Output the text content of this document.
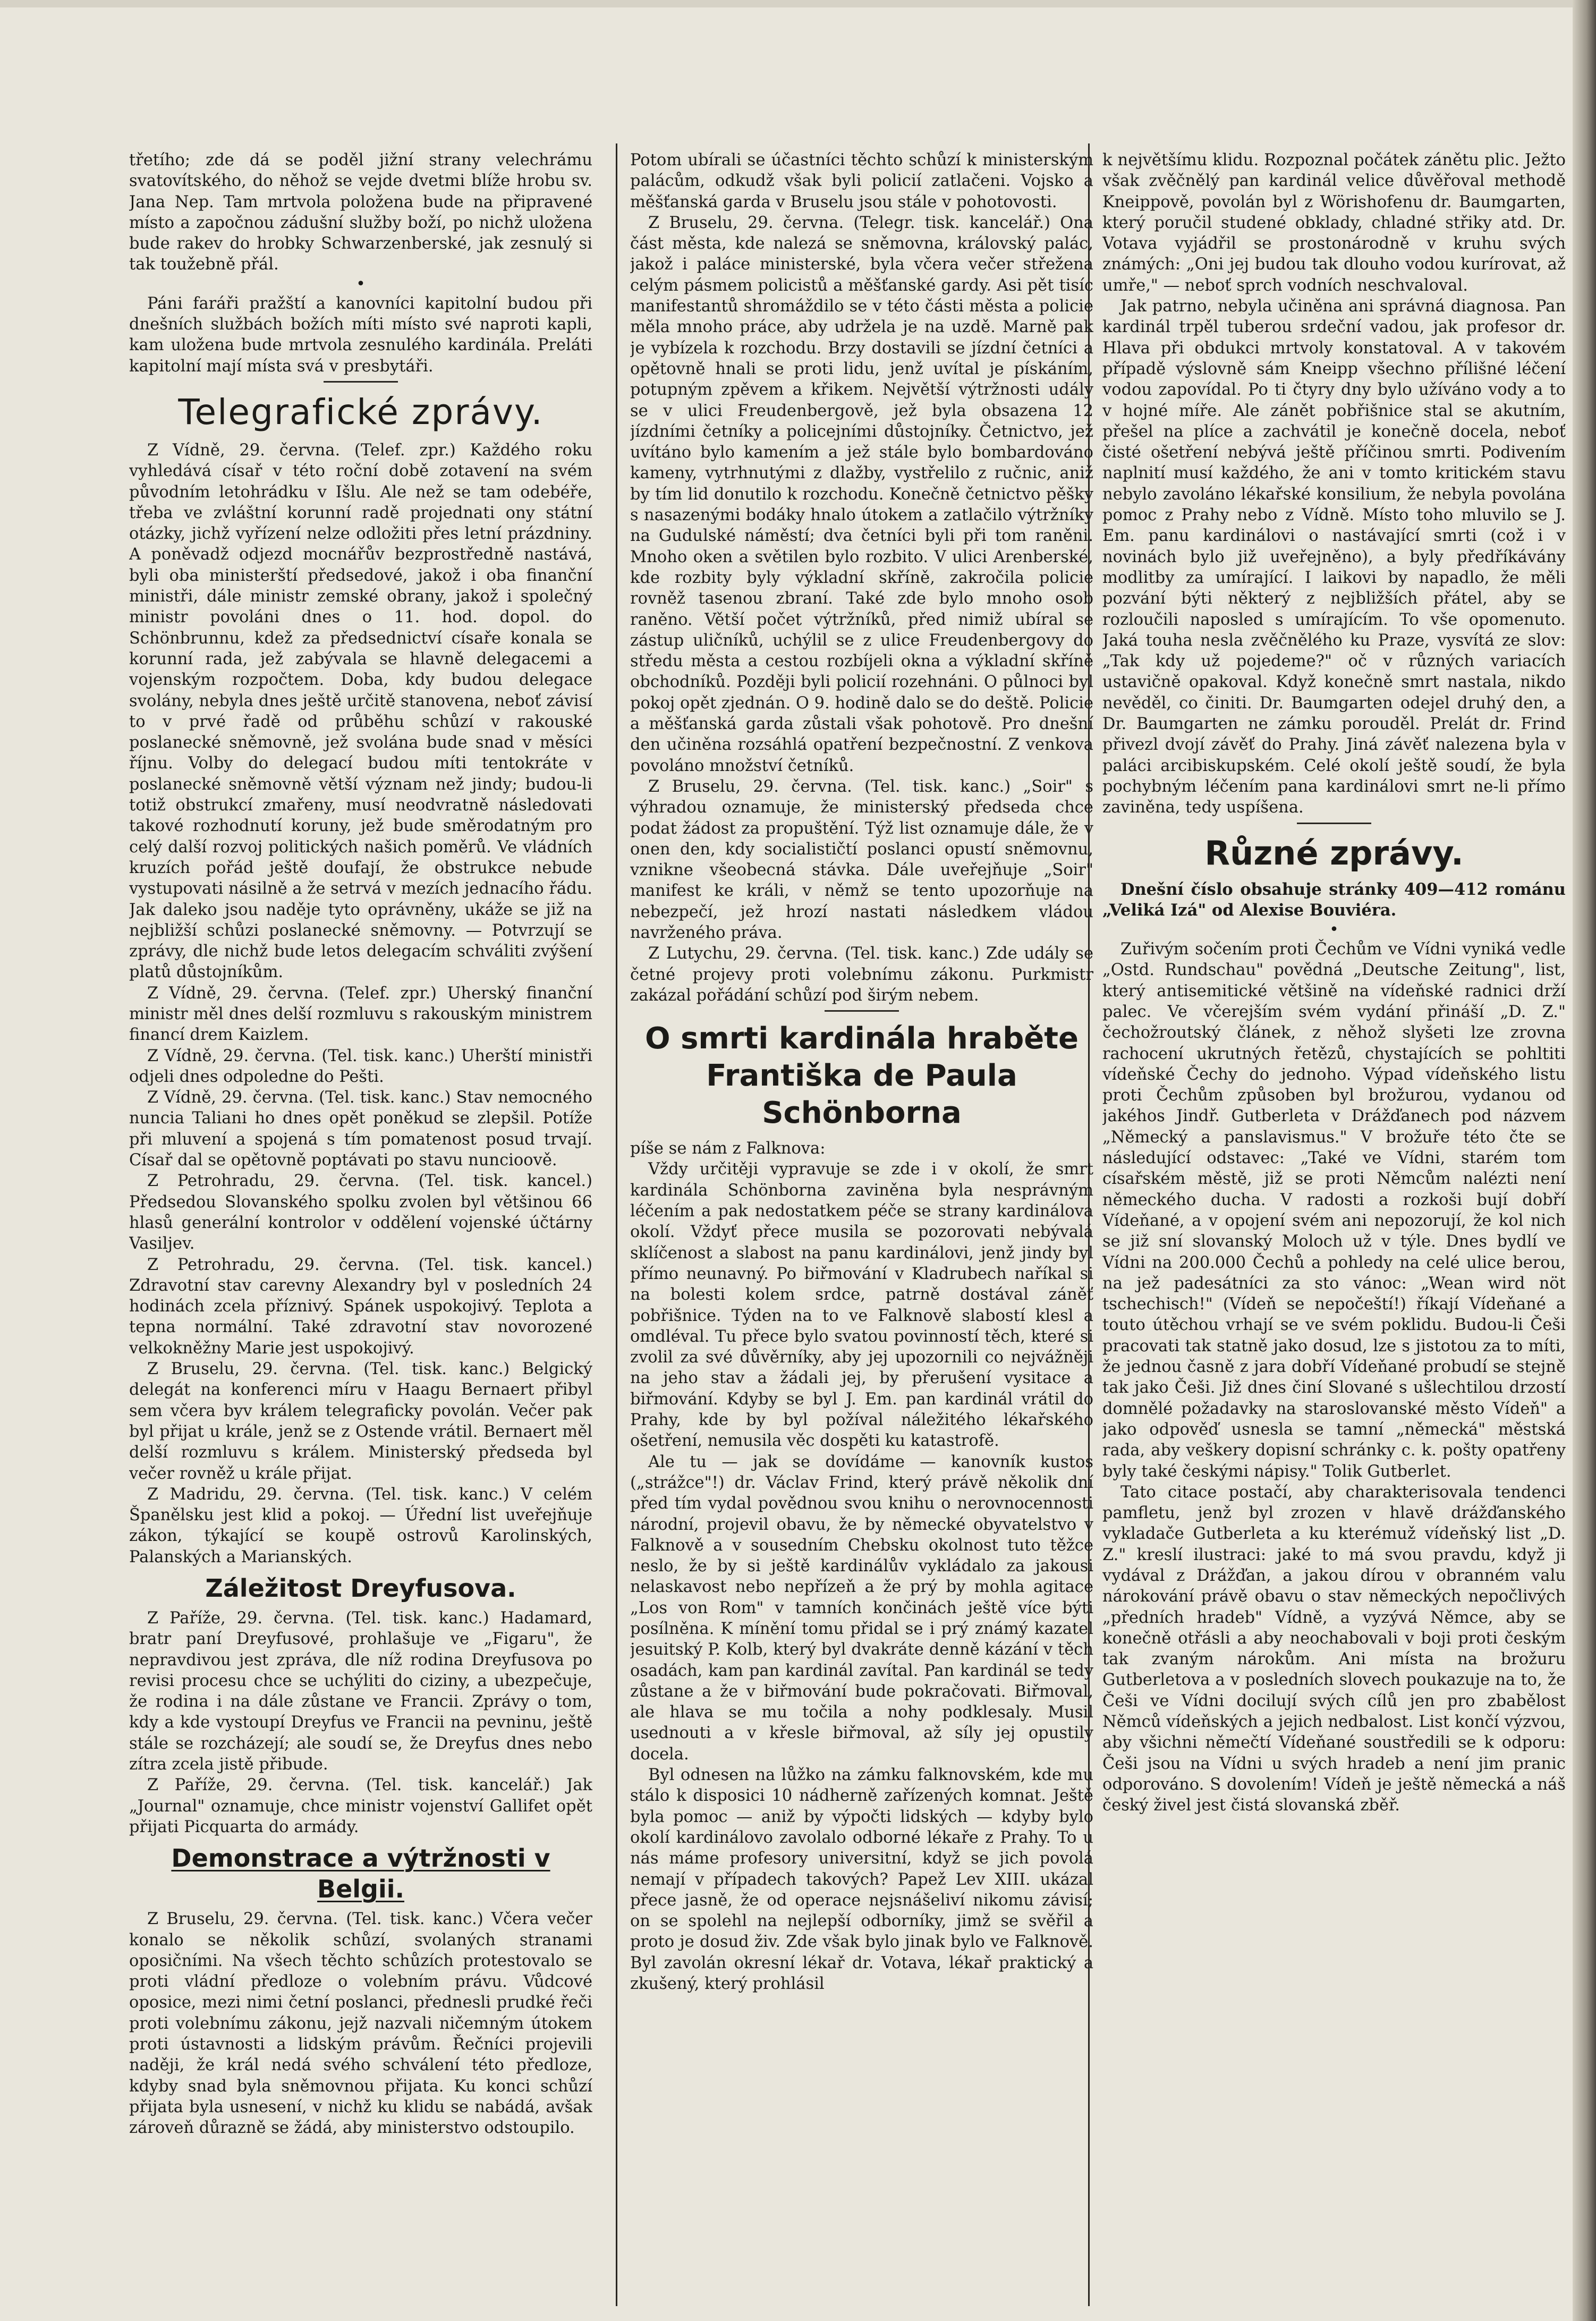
třetího; zde dá se poděl jižní strany velechrámu svatovítského, do něhož se vejde dvetmi blíže hrobu sv. Jana Nep. Tam mrtvola položena bude na připravené místo a započnou zádušní služby boží, po nichž uložena bude rakev do hrobky Schwarzenberské, jak zesnulý si tak toužebně přál.

•

Páni faráři pražští a kanovníci kapitolní budou při dnešních službách božích míti místo své naproti kapli, kam uložena bude mrtvola zesnulého kardinála. Preláti kapitolní mají místa svá v presbytáři.

Telegrafické zprávy.

Z Vídně, 29. června. (Telef. zpr.) Každého roku vyhledává císař v této roční době zotavení na svém původním letohrádku v Išlu. Ale než se tam odebéře, třeba ve zvláštní korunní radě projednati ony státní otázky, jichž vyřízení nelze odložiti přes letní prázdniny. A poněvadž odjezd mocnářův bezprostředně nastává, byli oba ministerští předsedové, jakož i oba finanční ministři, dále ministr zemské obrany, jakož i společný ministr povoláni dnes o 11. hod. dopol. do Schönbrunnu, kdež za předsednictví císaře konala se korunní rada, jež zabývala se hlavně delegacemi a vojenským rozpočtem. Doba, kdy budou delegace svolány, nebyla dnes ještě určitě stanovena, neboť závisí to v prvé řadě od průběhu schůzí v rakouské poslanecké sněmovně, jež svolána bude snad v měsíci říjnu. Volby do delegací budou míti tentokráte v poslanecké sněmovně větší význam než jindy; budou-li totiž obstrukcí zmařeny, musí neodvratně následovati takové rozhodnutí koruny, jež bude směrodatným pro celý další rozvoj politických našich poměrů. Ve vládních kruzích pořád ještě doufají, že obstrukce nebude vystupovati násilně a že setrvá v mezích jednacího řádu. Jak daleko jsou naděje tyto oprávněny, ukáže se již na nejbližší schůzi poslanecké sněmovny. — Potvrzují se zprávy, dle nichž bude letos delegacím schváliti zvýšení platů důstojníkům.

Z Vídně, 29. června. (Telef. zpr.) Uherský finanční ministr měl dnes delší rozmluvu s rakouským ministrem financí drem Kaizlem.

Z Vídně, 29. června. (Tel. tisk. kanc.) Uherští ministři odjeli dnes odpoledne do Pešti.

Z Vídně, 29. června. (Tel. tisk. kanc.) Stav nemocného nuncia Taliani ho dnes opět poněkud se zlepšil. Potíže při mluvení a spojená s tím pomatenost posud trvají. Císař dal se opětovně poptávati po stavu nuncioově.

Z Petrohradu, 29. června. (Tel. tisk. kancel.) Předsedou Slovanského spolku zvolen byl většinou 66 hlasů generální kontrolor v oddělení vojenské účtárny Vasiljev.

Z Petrohradu, 29. června. (Tel. tisk. kancel.) Zdravotní stav carevny Alexandry byl v posledních 24 hodinách zcela příznivý. Spánek uspokojivý. Teplota a tepna normální. Také zdravotní stav novorozené velkokněžny Marie jest uspokojivý.

Z Bruselu, 29. června. (Tel. tisk. kanc.) Belgický delegát na konferenci míru v Haagu Bernaert přibyl sem včera byv králem telegraficky povolán. Večer pak byl přijat u krále, jenž se z Ostende vrátil. Bernaert měl delší rozmluvu s králem. Ministerský předseda byl večer rovněž u krále přijat.

Z Madridu, 29. června. (Tel. tisk. kanc.) V celém Španělsku jest klid a pokoj. — Úřední list uveřejňuje zákon, týkající se koupě ostrovů Karolinských, Palanských a Marianských.

Záležitost Dreyfusova.

Z Paříže, 29. června. (Tel. tisk. kanc.) Hadamard, bratr paní Dreyfusové, prohlašuje ve „Figaru", že nepravdivou jest zpráva, dle níž rodina Dreyfusova po revisi procesu chce se uchýliti do ciziny, a ubezpečuje, že rodina i na dále zůstane ve Francii. Zprávy o tom, kdy a kde vystoupí Dreyfus ve Francii na pevninu, ještě stále se rozcházejí; ale soudí se, že Dreyfus dnes nebo zítra zcela jistě přibude.

Z Paříže, 29. června. (Tel. tisk. kancelář.) Jak „Journal" oznamuje, chce ministr vojenství Gallifet opět přijati Picquarta do armády.

Demonstrace a výtržnosti v Belgii.

Z Bruselu, 29. června. (Tel. tisk. kanc.) Včera večer konalo se několik schůzí, svolaných stranami oposičními. Na všech těchto schůzích protestovalo se proti vládní předloze o volebním právu. Vůdcové oposice, mezi nimi četní poslanci, přednesli prudké řeči proti volebnímu zákonu, jejž nazvali ničemným útokem proti ústavnosti a lidským právům. Řečníci projevili naději, že král nedá svého schválení této předloze, kdyby snad byla sněmovnou přijata. Ku konci schůzí přijata byla usnesení, v nichž ku klidu se nabádá, avšak zároveň důrazně se žádá, aby ministerstvo odstoupilo.

Potom ubírali se účastníci těchto schůzí k ministerským palácům, odkudž však byli policií zatlačeni. Vojsko a měšťanská garda v Bruselu jsou stále v pohotovosti.

Z Bruselu, 29. června. (Telegr. tisk. kancelář.) Ona část města, kde nalezá se sněmovna, královský palác, jakož i paláce ministerské, byla včera večer střežena celým pásmem policistů a měšťanské gardy. Asi pět tisíc manifestantů shromáždilo se v této části města a policie měla mnoho práce, aby udržela je na uzdě. Marně pak je vybízela k rozchodu. Brzy dostavili se jízdní četníci a opětovně hnali se proti lidu, jenž uvítal je pískáním, potupným zpěvem a křikem. Největší výtržnosti udály se v ulici Freudenbergově, jež byla obsazena 12 jízdními četníky a policejními důstojníky. Četnictvo, jež uvítáno bylo kamením a jež stále bylo bombardováno kameny, vytrhnutými z dlažby, vystřelilo z ručnic, aniž by tím lid donutilo k rozchodu. Konečně četnictvo pěšky s nasazenými bodáky hnalo útokem a zatlačilo výtržníky na Gudulské náměstí; dva četníci byli při tom raněni. Mnoho oken a světilen bylo rozbito. V ulici Arenberské, kde rozbity byly výkladní skříně, zakročila policie rovněž tasenou zbraní. Také zde bylo mnoho osob raněno. Větší počet výtržníků, před nimiž ubíral se zástup uličníků, uchýlil se z ulice Freudenbergovy do středu města a cestou rozbíjeli okna a výkladní skříně obchodníků. Později byli policií rozehnáni. O půlnoci byl pokoj opět zjednán. O 9. hodině dalo se do deště. Policie a měšťanská garda zůstali však pohotově. Pro dnešní den učiněna rozsáhlá opatření bezpečnostní. Z venkova povoláno množství četníků.

Z Bruselu, 29. června. (Tel. tisk. kanc.) „Soir" s výhradou oznamuje, že ministerský předseda chce podat žádost za propuštění. Týž list oznamuje dále, že v onen den, kdy socialističtí poslanci opustí sněmovnu, vznikne všeobecná stávka. Dále uveřejňuje „Soir" manifest ke králi, v němž se tento upozorňuje na nebezpečí, jež hrozí nastati následkem vládou navrženého práva.

Z Lutychu, 29. června. (Tel. tisk. kanc.) Zde udály se četné projevy proti volebnímu zákonu. Purkmistr zakázal pořádání schůzí pod širým nebem.

O smrti kardinála hraběte Františka de Paula Schönborna

píše se nám z Falknova:

Vždy určitěji vypravuje se zde i v okolí, že smrt kardinála Schönborna zaviněna byla nesprávným léčením a pak nedostatkem péče se strany kardinálova okolí. Vždyť přece musila se pozorovati nebývalá sklíčenost a slabost na panu kardinálovi, jenž jindy byl přímo neunavný. Po biřmování v Kladrubech naříkal si na bolesti kolem srdce, patrně dostával záněť pobřišnice. Týden na to ve Falknově slabostí klesl a omdléval. Tu přece bylo svatou povinností těch, které si zvolil za své důvěrníky, aby jej upozornili co nejvážněji na jeho stav a žádali jej, by přerušení vysitace a biřmování. Kdyby se byl J. Em. pan kardinál vrátil do Prahy, kde by byl požíval náležitého lékařského ošetření, nemusila věc dospěti ku katastrofě.

Ale tu — jak se dovídáme — kanovník kustos („strážce"!) dr. Václav Frind, který právě několik dní před tím vydal povědnou svou knihu o nerovnocennosti národní, projevil obavu, že by německé obyvatelstvo v Falknově a v sousedním Chebsku okolnost tuto těžce neslo, že by si ještě kardinálův vykládalo za jakousi nelaskavost nebo nepřízeň a že prý by mohla agitace „Los von Rom" v tamních končinách ještě více býti posílněna. K mínění tomu přidal se i prý známý kazatel jesuitský P. Kolb, který byl dvakráte denně kázání v těch osadách, kam pan kardinál zavítal. Pan kardinál se tedy zůstane a že v biřmování bude pokračovati. Biřmoval, ale hlava se mu točila a nohy podklesaly. Musil usednouti a v křesle biřmoval, až síly jej opustily docela.

Byl odnesen na lůžko na zámku falknovském, kde mu stálo k disposici 10 nádherně zařízených komnat. Ještě byla pomoc — aniž by výpočti lidských — kdyby bylo okolí kardinálovo zavolalo odborné lékaře z Prahy. To u nás máme profesory universitní, když se jich povolá nemají v případech takových? Papež Lev XIII. ukázal přece jasně, že od operace nejsnášeliví nikomu závisí; on se spolehl na nejlepší odborníky, jimž se svěřil a proto je dosud živ. Zde však bylo jinak bylo ve Falknově. Byl zavolán okresní lékař dr. Votava, lékař praktický a zkušený, který prohlásil

k největšímu klidu. Rozpoznal počátek zánětu plic. Ježto však zvěčnělý pan kardinál velice důvěřoval methodě Kneippově, povolán byl z Wörishofenu dr. Baumgarten, který poručil studené obklady, chladné střiky atd. Dr. Votava vyjádřil se prostonárodně v kruhu svých známých: „Oni jej budou tak dlouho vodou kurírovat, až umře," — neboť sprch vodních neschvaloval.

Jak patrno, nebyla učiněna ani správná diagnosa. Pan kardinál trpěl tuberou srdeční vadou, jak profesor dr. Hlava při obdukci mrtvoly konstatoval. A v takovém případě výslovně sám Kneipp všechno přílišné léčení vodou zapovídal. Po ti čtyry dny bylo užíváno vody a to v hojné míře. Ale zánět pobřišnice stal se akutním, přešel na plíce a zachvátil je konečně docela, neboť čisté ošetření nebývá ještě příčinou smrti. Podivením naplnití musí každého, že ani v tomto kritickém stavu nebylo zavoláno lékařské konsilium, že nebyla povolána pomoc z Prahy nebo z Vídně. Místo toho mluvilo se J. Em. panu kardinálovi o nastávající smrti (což i v novinách bylo již uveřejněno), a byly předříkávány modlitby za umírající. I laikovi by napadlo, že měli pozvání býti některý z nejbližších přátel, aby se rozloučili naposled s umírajícím. To vše opomenuto. Jaká touha nesla zvěčnělého ku Praze, vysvítá ze slov: „Tak kdy už pojedeme?" oč v různých variacích ustavičně opakoval. Když konečně smrt nastala, nikdo nevěděl, co činiti. Dr. Baumgarten odejel druhý den, a Dr. Baumgarten ne zámku porouděl. Prelát dr. Frind přivezl dvojí závěť do Prahy. Jiná závěť nalezena byla v paláci arcibiskupském. Celé okolí ještě soudí, že byla pochybným léčením pana kardinálovi smrt ne-li přímo zaviněna, tedy uspíšena.

Různé zprávy.

Dnešní číslo obsahuje stránky 409—412 románu „Veliká Izá" od Alexise Bouviéra.

•

Zuřivým sočením proti Čechům ve Vídni vyniká vedle „Ostd. Rundschau" povědná „Deutsche Zeitung", list, který antisemitické většině na vídeňské radnici drží palec. Ve včerejším svém vydání přináší „D. Z." čechožroutský článek, z něhož slyšeti lze zrovna rachocení ukrutných řetězů, chystajících se pohltiti vídeňské Čechy do jednoho. Výpad vídeňského listu proti Čechům způsoben byl brožurou, vydanou od jakéhos Jindř. Gutberleta v Drážďanech pod názvem „Německý a panslavismus." V brožuře této čte se následující odstavec: „Také ve Vídni, starém tom císařském městě, již se proti Němcům nalézti není německého ducha. V radosti a rozkoši bují dobří Vídeňané, a v opojení svém ani nepozorují, že kol nich se již sní slovanský Moloch už v týle. Dnes bydlí ve Vídni na 200.000 Čechů a pohledy na celé ulice berou, na jež padesátníci za sto vánoc: „Wean wird nöt tschechisch!" (Vídeň se nepočeští!) říkají Vídeňané a touto útěchou vrhají se ve svém poklidu. Budou-li Češi pracovati tak statně jako dosud, lze s jistotou za to míti, že jednou časně z jara dobří Vídeňané probudí se stejně tak jako Češi. Již dnes činí Slované s ušlechtilou drzostí domnělé požadavky na staroslovanské město Vídeň" a jako odpověď usnesla se tamní „německá" městská rada, aby veškery dopisní schránky c. k. pošty opatřeny byly také českými nápisy." Tolik Gutberlet.

Tato citace postačí, aby charakterisovala tendenci pamfletu, jenž byl zrozen v hlavě drážďanského vykladače Gutberleta a ku kterémuž vídeňský list „D. Z." kreslí ilustraci: jaké to má svou pravdu, když ji vydával z Drážďan, a jakou dírou v obranném valu nárokování právě obavu o stav německých nepočlivých „předních hradeb" Vídně, a vyzývá Němce, aby se konečně otřásli a aby neochabovali v boji proti českým tak zvaným nárokům. Ani místa na brožuru Gutberletova a v posledních slovech poukazuje na to, že Češi ve Vídni docilují svých cílů jen pro zbabělost Němců vídeňských a jejich nedbalost. List končí výzvou, aby všichni němečtí Vídeňané soustředili se k odporu: Češi jsou na Vídni u svých hradeb a není jim pranic odporováno. S dovolením! Vídeň je ještě německá a náš český živel jest čistá slovanská zběř.
